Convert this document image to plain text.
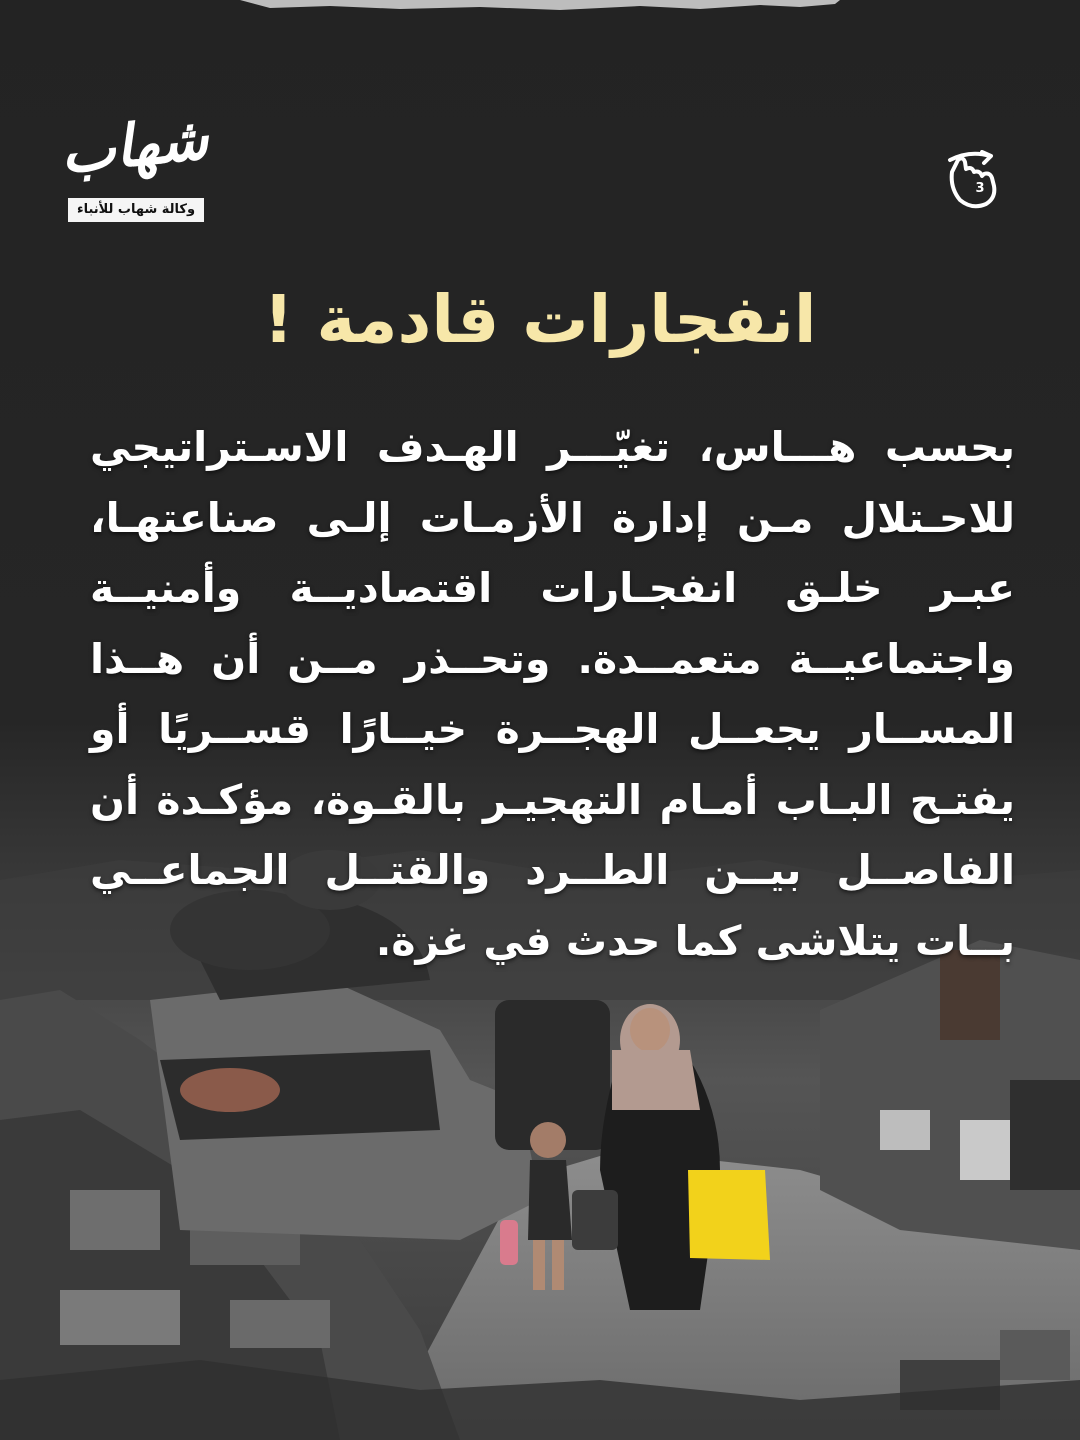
شهاب
وكالة شهاب للأنباء
3
انفجارات قادمة !
بحسب هـــاس، تغيّـــر الهـدف الاسـتراتيجي للاحـتلال مـن إدارة الأزمـات إلـى صناعتهـا، عبـر خلـق انفجـارات اقتصاديــة وأمنيــة واجتماعيــة متعمــدة. وتحــذر مــن أن هــذا المســار يجعــل الهجــرة خيــارًا قســريًا أو يفتـح البـاب أمـام التهجيـر بالقـوة، مؤكـدة أن الفاصــل بيــن الطــرد والقتــل الجماعــي بــات يتلاشى كما حدث في غزة.
